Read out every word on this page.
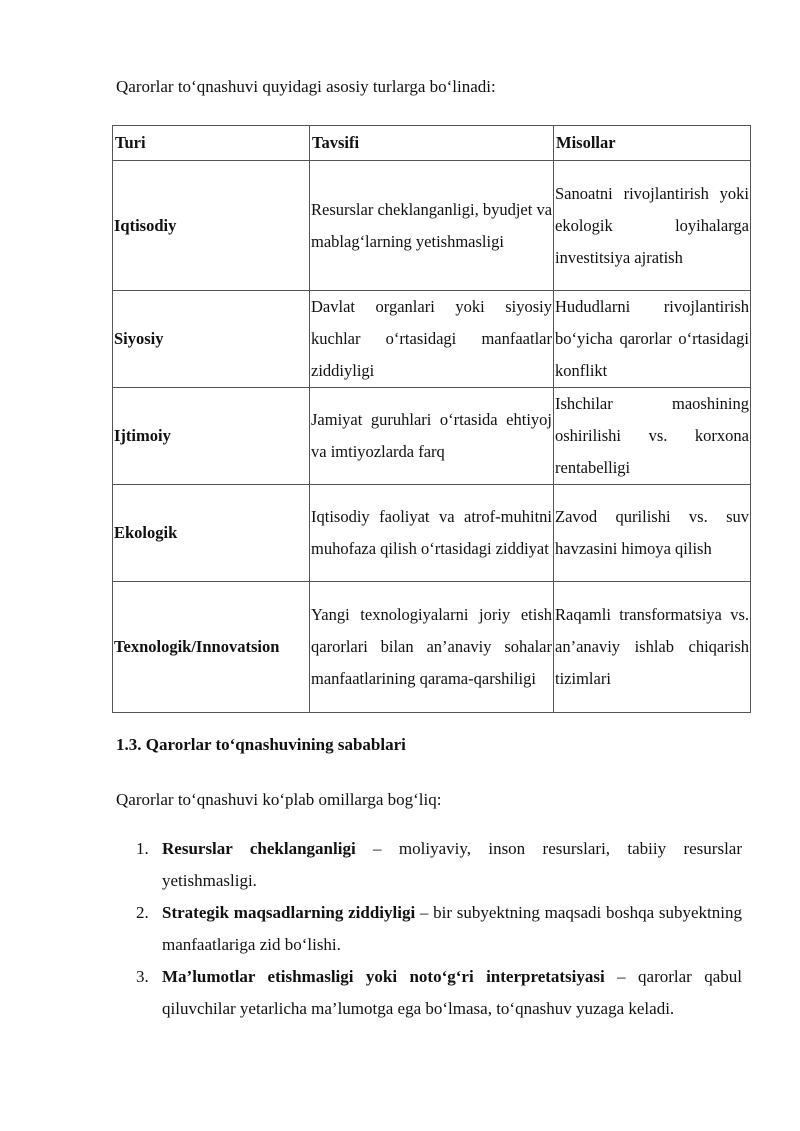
Qarorlar to‘qnashuvi quyidagi asosiy turlarga bo‘linadi:

Turi	Tavsifi	Misollar
Iqtisodiy	Resurslar cheklanganligi, byudjet va mablag‘larning yetishmasligi	Sanoatni rivojlantirish yoki ekologik loyihalarga investitsiya ajratish
Siyosiy	Davlat organlari yoki siyosiy kuchlar o‘rtasidagi manfaatlar ziddiyligi	Hududlarni rivojlantirish bo‘yicha qarorlar o‘rtasidagi konflikt
Ijtimoiy	Jamiyat guruhlari o‘rtasida ehtiyoj va imtiyozlarda farq	Ishchilar maoshining oshirilishi vs. korxona rentabelligi
Ekologik	Iqtisodiy faoliyat va atrof-muhitni muhofaza qilish o‘rtasidagi ziddiyat	Zavod qurilishi vs. suv havzasini himoya qilish
Texnologik/Innovatsion	Yangi texnologiyalarni joriy etish qarorlari bilan an’anaviy sohalar manfaatlarining qarama-qarshiligi	Raqamli transformatsiya vs. an’anaviy ishlab chiqarish tizimlari
1.3. Qarorlar to‘qnashuvining sabablari

Qarorlar to‘qnashuvi ko‘plab omillarga bog‘liq:

1. Resurslar cheklanganligi – moliyaviy, inson resurslari, tabiiy resurslar yetishmasligi.
2. Strategik maqsadlarning ziddiyligi – bir subyektning maqsadi boshqa subyektning manfaatlariga zid bo‘lishi.
3. Ma’lumotlar etishmasligi yoki noto‘g‘ri interpretatsiyasi – qarorlar qabul qiluvchilar yetarlicha ma’lumotga ega bo‘lmasa, to‘qnashuv yuzaga keladi.
